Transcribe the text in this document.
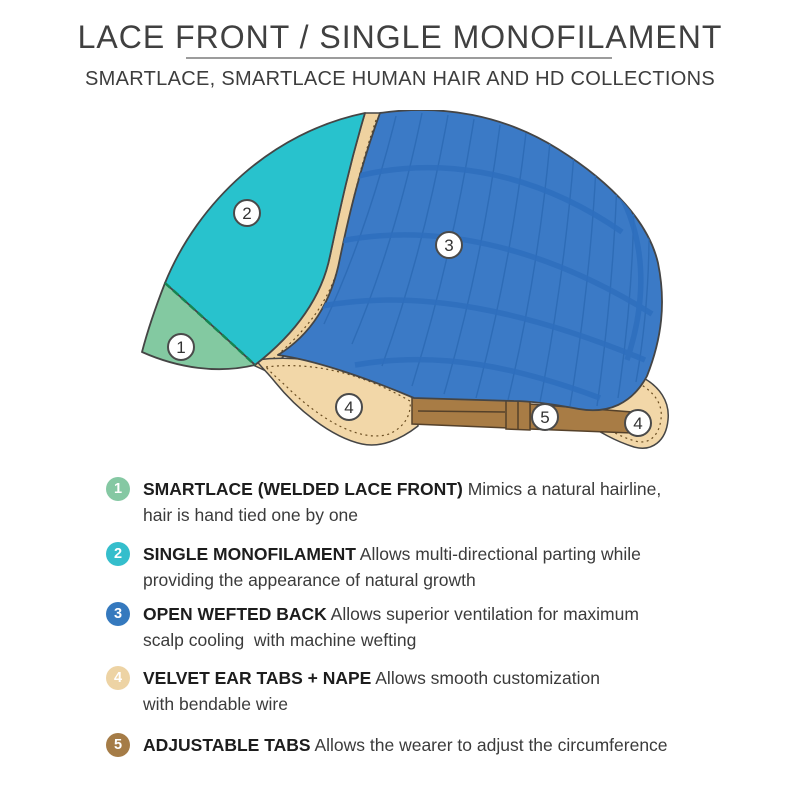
LACE FRONT / SINGLE MONOFILAMENT
SMARTLACE, SMARTLACE HUMAN HAIR AND HD COLLECTIONS
1
2
3
4
5	4
1	SMARTLACE (WELDED LACE FRONT) Mimics a natural hairline,
hair is hand tied one by one
2	SINGLE MONOFILAMENT Allows multi-directional parting while
providing the appearance of natural growth
3	OPEN WEFTED BACK Allows superior ventilation for maximum
scalp cooling  with machine wefting
4	VELVET EAR TABS + NAPE Allows smooth customization
with bendable wire
5	ADJUSTABLE TABS Allows the wearer to adjust the circumference
